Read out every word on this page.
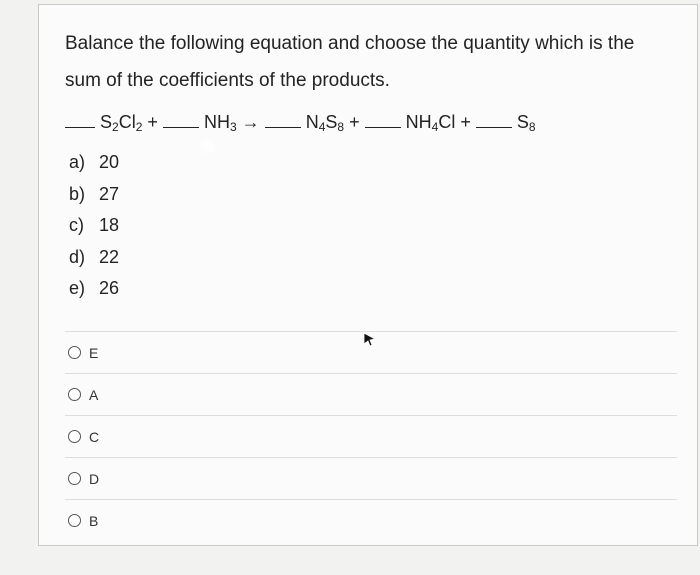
Balance the following equation and choose the quantity which is the sum of the coefficients of the products.
$S_2Cl_2$ +	$NH_3$ →	$N_4S_8$ +	$NH_4Cl$ +	$S_8$
a) 20
b) 27
c) 18
d) 22
e) 26
E
A
C
D
B
